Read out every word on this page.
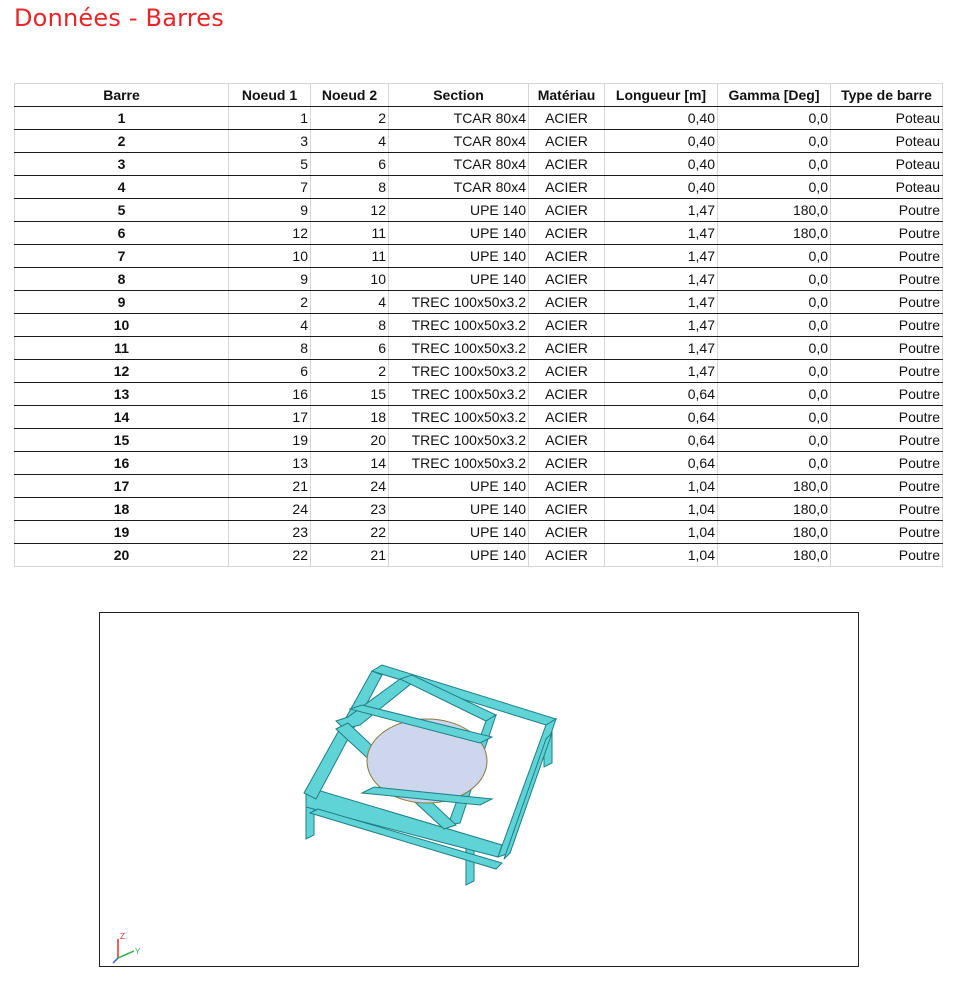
Données - Barres
Barre	Noeud 1	Noeud 2	Section	Matériau	Longueur [m]	Gamma [Deg]	Type de barre
1	1	2	TCAR 80x4	ACIER	0,40	0,0	Poteau
2	3	4	TCAR 80x4	ACIER	0,40	0,0	Poteau
3	5	6	TCAR 80x4	ACIER	0,40	0,0	Poteau
4	7	8	TCAR 80x4	ACIER	0,40	0,0	Poteau
5	9	12	UPE 140	ACIER	1,47	180,0	Poutre
6	12	11	UPE 140	ACIER	1,47	180,0	Poutre
7	10	11	UPE 140	ACIER	1,47	0,0	Poutre
8	9	10	UPE 140	ACIER	1,47	0,0	Poutre
9	2	4	TREC 100x50x3.2	ACIER	1,47	0,0	Poutre
10	4	8	TREC 100x50x3.2	ACIER	1,47	0,0	Poutre
11	8	6	TREC 100x50x3.2	ACIER	1,47	0,0	Poutre
12	6	2	TREC 100x50x3.2	ACIER	1,47	0,0	Poutre
13	16	15	TREC 100x50x3.2	ACIER	0,64	0,0	Poutre
14	17	18	TREC 100x50x3.2	ACIER	0,64	0,0	Poutre
15	19	20	TREC 100x50x3.2	ACIER	0,64	0,0	Poutre
16	13	14	TREC 100x50x3.2	ACIER	0,64	0,0	Poutre
17	21	24	UPE 140	ACIER	1,04	180,0	Poutre
18	24	23	UPE 140	ACIER	1,04	180,0	Poutre
19	23	22	UPE 140	ACIER	1,04	180,0	Poutre
20	22	21	UPE 140	ACIER	1,04	180,0	Poutre
Z
Y
